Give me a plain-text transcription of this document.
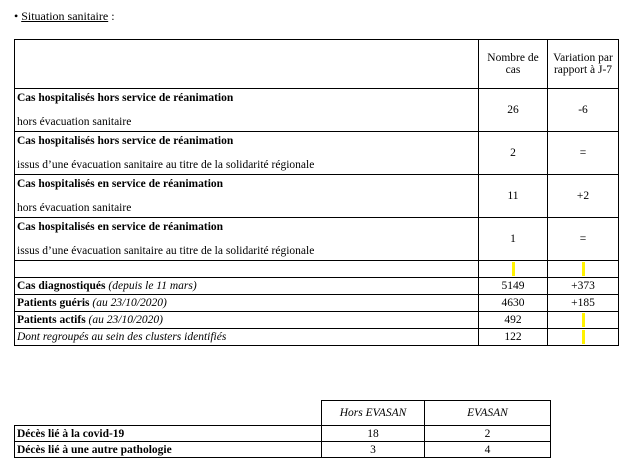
• Situation sanitaire :
	Nombre de cas	Variation par rapport à J-7

Cas hospitalisés hors service de réanimation
hors évacuation sanitaire	26	-6

Cas hospitalisés hors service de réanimation
issus d’une évacuation sanitaire au titre de la solidarité régionale	2	=

Cas hospitalisés en service de réanimation
hors évacuation sanitaire	11	+2

Cas hospitalisés en service de réanimation
issus d’une évacuation sanitaire au titre de la solidarité régionale	1	=

Cas diagnostiqués (depuis le 11 mars)	5149	+373
Patients guéris (au 23/10/2020)	4630	+185
Patients actifs (au 23/10/2020)	492	
Dont regroupés au sein des clusters identifiés	122	
	Hors EVASAN	EVASAN
Décès lié à la covid-19	18	2
Décès lié à une autre pathologie	3	4
